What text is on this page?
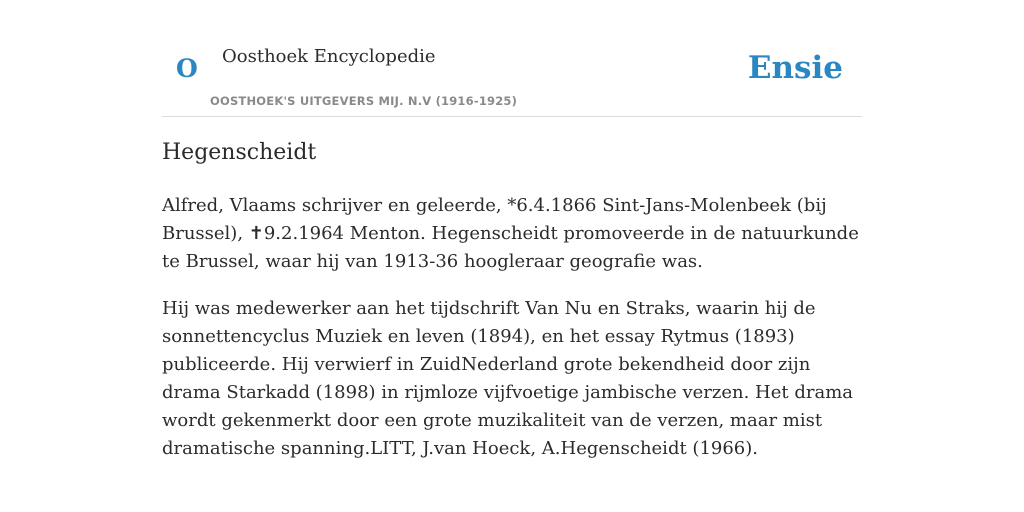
O Oosthoek Encyclopedie
OOSTHOEK'S UITGEVERS MIJ. N.V (1916-1925)
Ensie
Hegenscheidt

Alfred, Vlaams schrijver en geleerde, *6.4.1866 Sint-Jans-Molenbeek (bij Brussel), ✝9.2.1964 Menton. Hegenscheidt promoveerde in de natuurkunde te Brussel, waar hij van 1913-36 hoogleraar geografie was.

Hij was medewerker aan het tijdschrift Van Nu en Straks, waarin hij de sonnettencyclus Muziek en leven (1894), en het essay Rytmus (1893) publiceerde. Hij verwierf in ZuidNederland grote bekendheid door zijn drama Starkadd (1898) in rijmloze vijfvoetige jambische verzen. Het drama wordt gekenmerkt door een grote muzikaliteit van de verzen, maar mist dramatische spanning.LITT, J.van Hoeck, A.Hegenscheidt (1966).
